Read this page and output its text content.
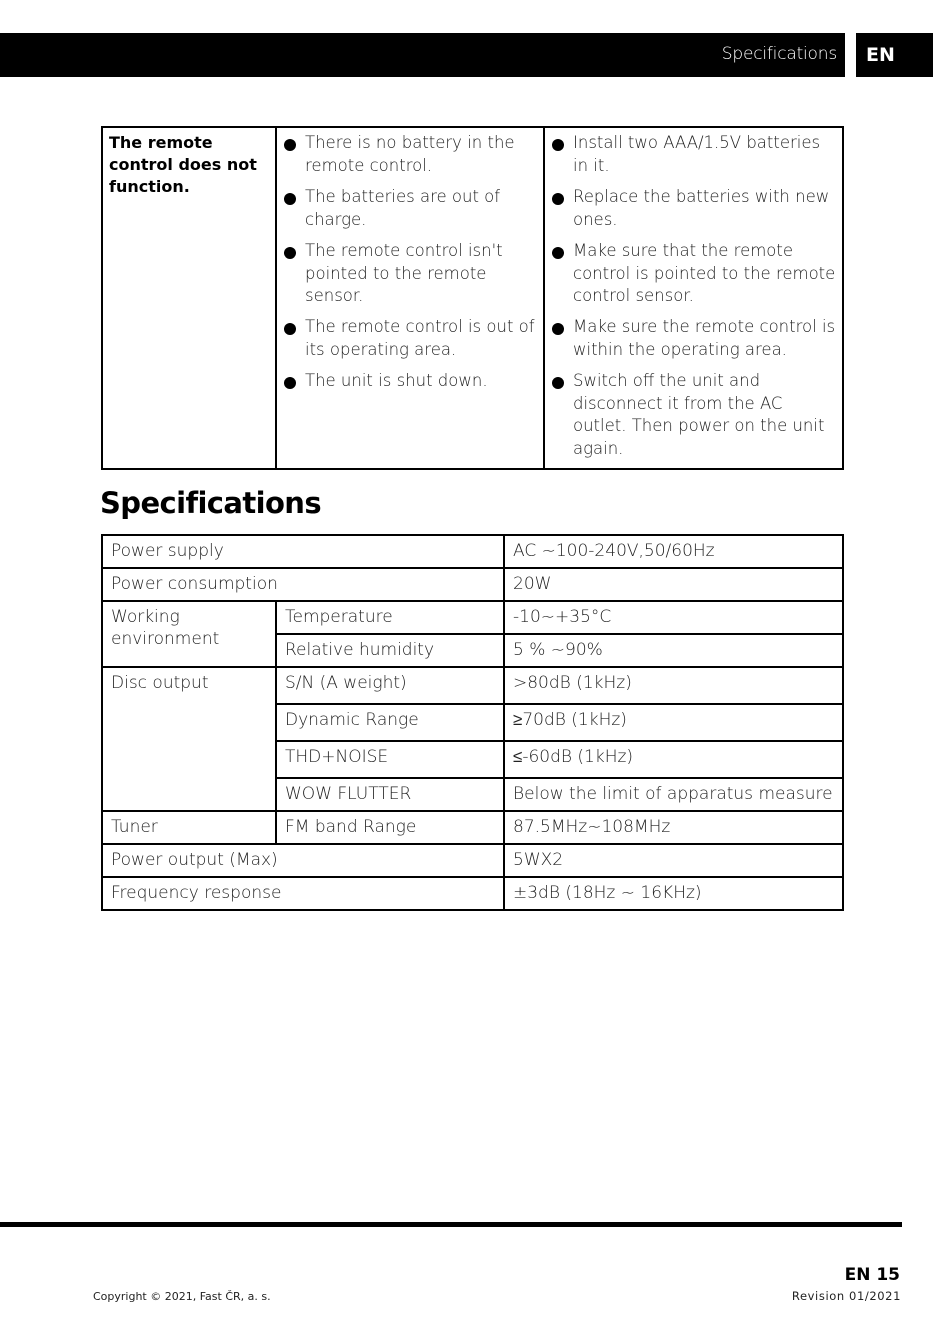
Specifications	EN
The remote control does not function.	
There is no battery in the remote control.
The batteries are out of charge.
The remote control isn't pointed to the remote sensor.
The remote control is out of its operating area.
The unit is shut down.

Install two AAA/1.5V batteries in it.
Replace the batteries with new ones.
Make sure that the remote control is pointed to the remote control sensor.
Make sure the remote control is within the operating area.
Switch off the unit and disconnect it from the AC outlet. Then power on the unit again.
Specifications
Power supply		AC ~100-240V,50/60Hz
Power consumption		20W
Working environment	Temperature	-10~+35°C
	Relative humidity	5 % ~90%
Disc output	S/N (A weight)	>80dB (1kHz)
	Dynamic Range	≥70dB (1kHz)
	THD+NOISE	≤-60dB (1kHz)
	WOW FLUTTER	Below the limit of apparatus measure
Tuner	FM band Range	87.5MHz~108MHz
Power output (Max)		5WX2
Frequency response		±3dB (18Hz ~ 16KHz)
Copyright © 2021, Fast ČR, a. s.
EN 15
Revision 01/2021
